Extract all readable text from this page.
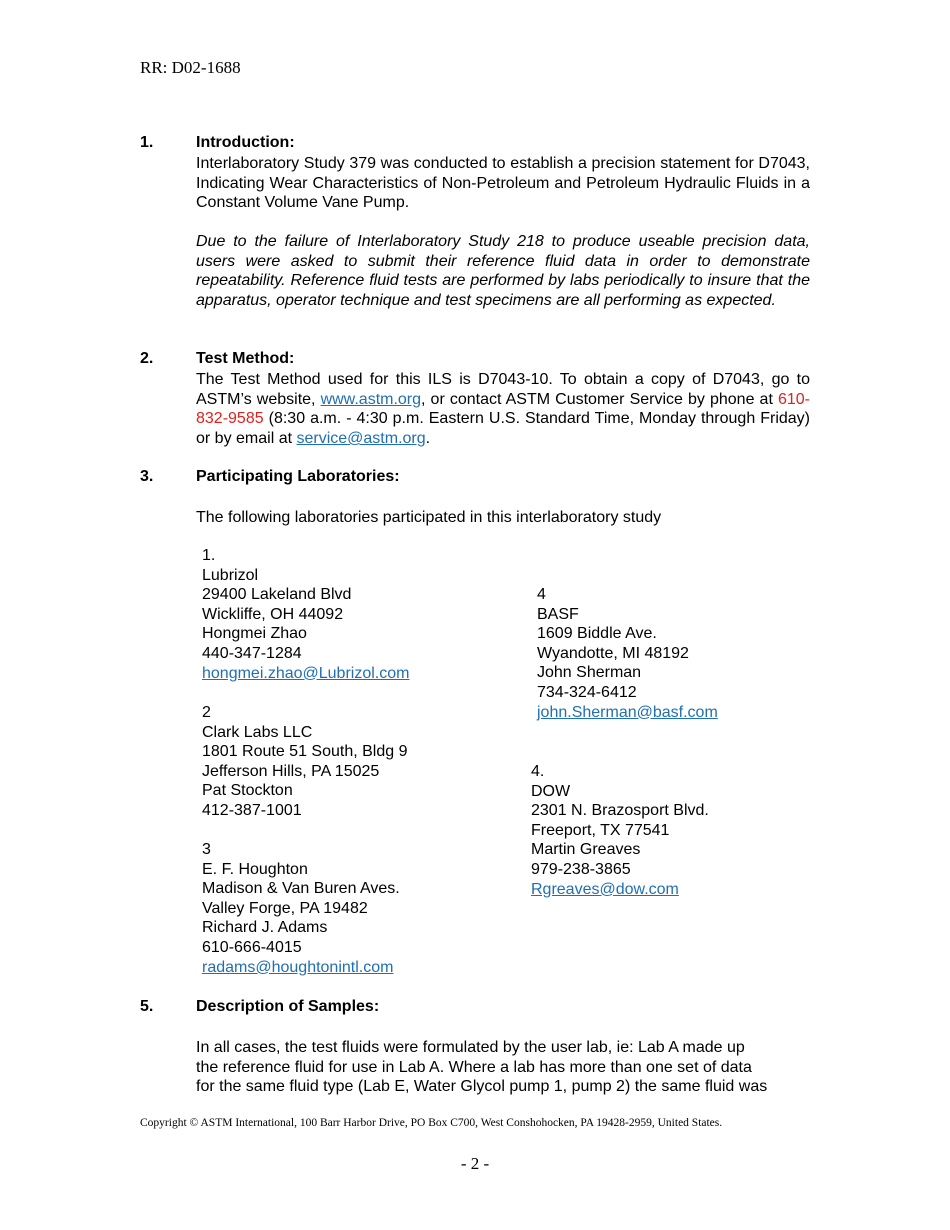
RR: D02-1688
1.	Introduction:
Interlaboratory Study 379 was conducted to establish a precision statement for D7043, Indicating Wear Characteristics of Non-Petroleum and Petroleum Hydraulic Fluids in a Constant Volume Vane Pump.
Due to the failure of Interlaboratory Study 218 to produce useable precision data, users were asked to submit their reference fluid data in order to demonstrate repeatability. Reference fluid tests are performed by labs periodically to insure that the apparatus, operator technique and test specimens are all performing as expected.
2.	Test Method:
The Test Method used for this ILS is D7043-10. To obtain a copy of D7043, go to ASTM’s website, www.astm.org, or contact ASTM Customer Service by phone at 610-832-9585 (8:30 a.m. - 4:30 p.m. Eastern U.S. Standard Time, Monday through Friday) or by email at service@astm.org.
3.	Participating Laboratories:
The following laboratories participated in this interlaboratory study
1.
Lubrizol
29400 Lakeland Blvd
Wickliffe, OH 44092
Hongmei Zhao
440-347-1284
hongmei.zhao@Lubrizol.com
2
Clark Labs LLC
1801 Route 51 South, Bldg 9
Jefferson Hills, PA 15025
Pat Stockton
412-387-1001
3
E. F. Houghton
Madison & Van Buren Aves.
Valley Forge, PA 19482
Richard J. Adams
610-666-4015
radams@houghtonintl.com
4
BASF
1609 Biddle Ave.
Wyandotte, MI 48192
John Sherman
734-324-6412
john.Sherman@basf.com
4.
DOW
2301 N. Brazosport Blvd.
Freeport, TX 77541
Martin Greaves
979-238-3865
Rgreaves@dow.com
5.	Description of Samples:
In all cases, the test fluids were formulated by the user lab, ie: Lab A made up
the reference fluid for use in Lab A. Where a lab has more than one set of data
for the same fluid type (Lab E, Water Glycol pump 1, pump 2) the same fluid was
Copyright © ASTM International, 100 Barr Harbor Drive, PO Box C700, West Conshohocken, PA 19428-2959, United States.
- 2 -
